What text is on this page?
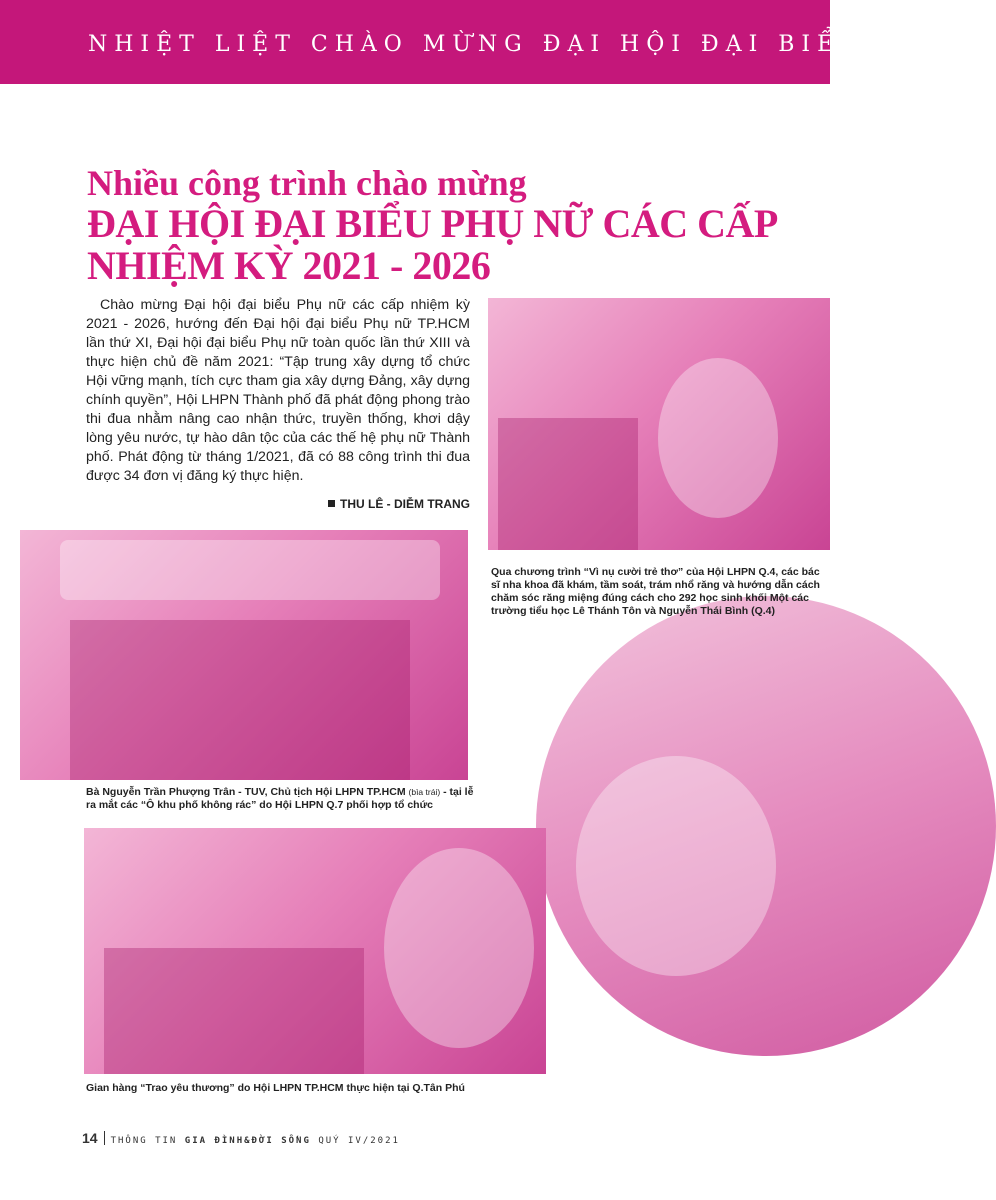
NHIỆT LIỆT CHÀO MỪNG ĐẠI HỘI ĐẠI BIỂU PH
Nhiều công trình chào mừng
ĐẠI HỘI ĐẠI BIỂU PHỤ NỮ CÁC CẤP
NHIỆM KỲ 2021 - 2026

Chào mừng Đại hội đại biểu Phụ nữ các cấp nhiệm kỳ 2021 - 2026, hướng đến Đại hội đại biểu Phụ nữ TP.HCM lần thứ XI, Đại hội đại biểu Phụ nữ toàn quốc lần thứ XIII và thực hiện chủ đề năm 2021: “Tập trung xây dựng tổ chức Hội vững mạnh, tích cực tham gia xây dựng Đảng, xây dựng chính quyền”, Hội LHPN Thành phố đã phát động phong trào thi đua nhằm nâng cao nhận thức, truyền thống, khơi dậy lòng yêu nước, tự hào dân tộc của các thế hệ phụ nữ Thành phố. Phát động từ tháng 1/2021, đã có 88 công trình thi đua được 34 đơn vị đăng ký thực hiện.

THU LÊ - DIỄM TRANG
Qua chương trình “Vì nụ cười trẻ thơ” của Hội LHPN Q.4, các bác sĩ nha khoa đã khám, tầm soát, trám nhổ răng và hướng dẫn cách chăm sóc răng miệng đúng cách cho 292 học sinh khối Một các trường tiểu học Lê Thánh Tôn và Nguyễn Thái Bình (Q.4)
Bà Nguyễn Trần Phượng Trân - TUV, Chủ tịch Hội LHPN TP.HCM (bìa trái) - tại lễ ra mắt các “Ô khu phố không rác” do Hội LHPN Q.7 phối hợp tổ chức
Gian hàng “Trao yêu thương” do Hội LHPN TP.HCM thực hiện tại Q.Tân Phú
14 THÔNG TIN GIA ĐÌNH&ĐỜI SỐNG QUÝ IV/2021
